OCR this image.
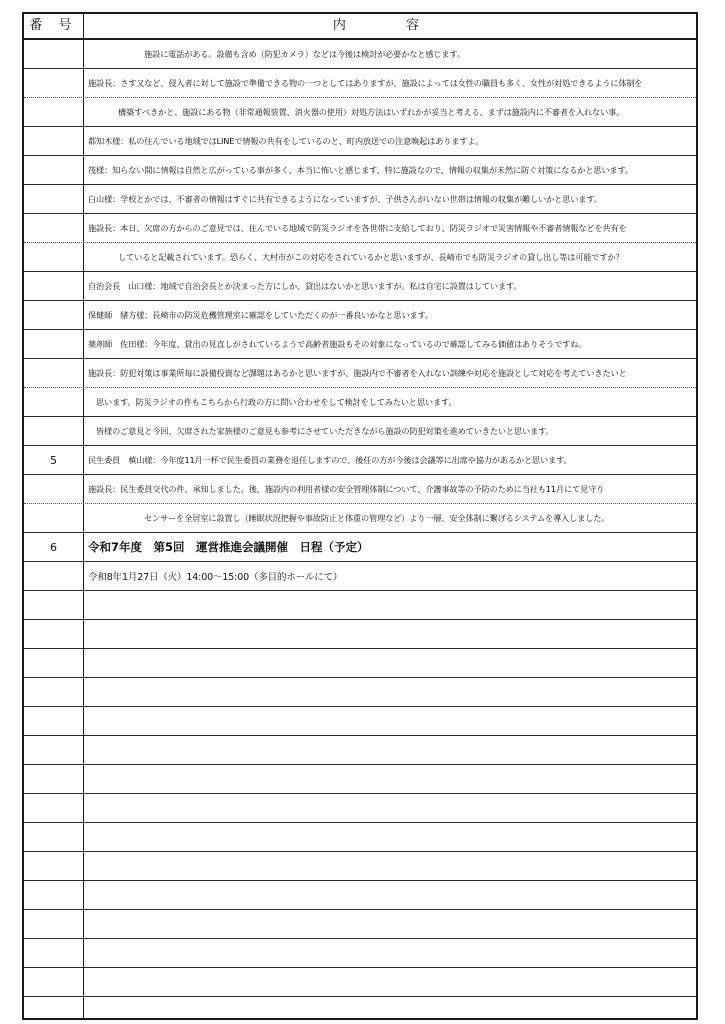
番 号	内 容
施設に電話がある。設備も含め（防犯カメラ）などは今後は検討が必要かなと感じます。
施設長：さす又など、侵入者に対して施設で準備できる物の一つとしてはありますが、施設によっては女性の職員も多く、女性が対処できるように体制を
構築すべきかと、施設にある物（非常通報装置、消火器の使用）対処方法はいずれかが妥当と考える、まずは施設内に不審者を入れない事。
都知木様：私の住んでいる地域ではLINEで情報の共有をしているのと、町内放送での注意喚起はありますよ。
筏様：知らない間に情報は自然と広がっている事が多く、本当に怖いと感じます、特に施設なので、情報の収集が未然に防ぐ対策になるかと思います。
白山様：学校とかでは、不審者の情報はすぐに共有できるようになっていますが、子供さんがいない世帯は情報の収集が難しいかと思います。
施設長：本日、欠席の方からのご意見では、住んでいる地域で防災ラジオを各世帯に支給しており、防災ラジオで災害情報や不審者情報などを共有を
していると記載されています。恐らく、大村市がこの対応をされているかと思いますが、長崎市でも防災ラジオの貸し出し等は可能ですか？
自治会長　山口様：地域で自治会長とか決まった方にしか、貸出はないかと思いますが。私は自宅に設置はしています。
保健師　緒方様：長崎市の防災危機管理室に確認をしていただくのが一番良いかなと思います。
薬剤師　佐田様：今年度、貸出の見直しがされているようで高齢者施設もその対象になっているので確認してみる価値はありそうですね。
施設長：防犯対策は事業所毎に設備投資など課題はあるかと思いますが、施設内で不審者を入れない訓練や対応を施設として対応を考えていきたいと
思います。防災ラジオの件もこちらから行政の方に問い合わせをして検討をしてみたいと思います。
皆様のご意見と今回、欠席された家族様のご意見も参考にさせていただきながら施設の防犯対策を進めていきたいと思います。
5	民生委員　槙山様：今年度11月一杯で民生委員の業務を退任しますので、後任の方が今後は会議等に出席や協力があるかと思います。
施設長：民生委員交代の件、承知しました。後、施設内の利用者様の安全管理体制について、介護事故等の予防のために当社も11月にて見守り
センサーを全居室に設置し（睡眠状況把握や事故防止と体重の管理など）より一層、安全体制に繋げるシステムを導入しました。
6	令和7年度　第5回　運営推進会議開催　日程（予定）
令和8年1月27日（火）14:00～15:00（多目的ホールにて）
